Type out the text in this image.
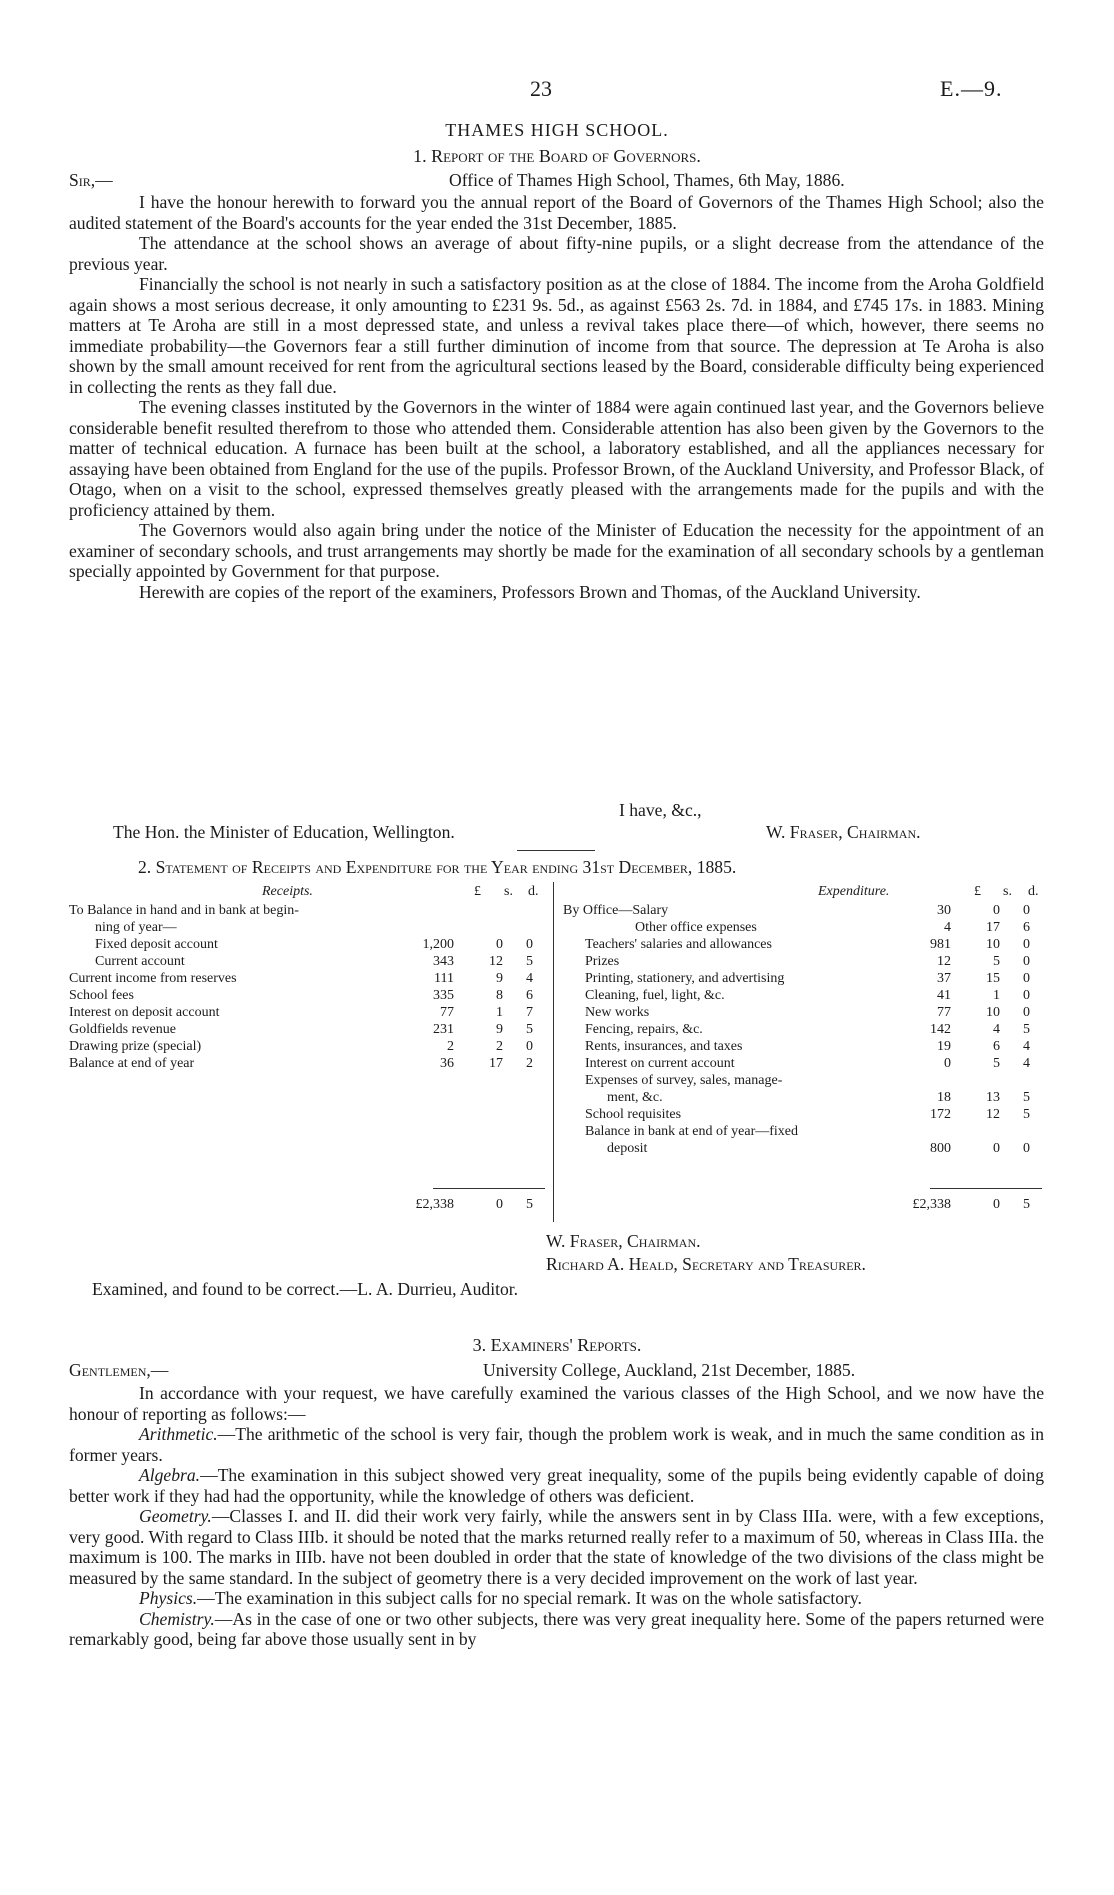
23	E.—9.
THAMES HIGH SCHOOL.
1. Report of the Board of Governors.
Sir,—	Office of Thames High School, Thames, 6th May, 1886.

I have the honour herewith to forward you the annual report of the Board of Governors of the Thames High School; also the audited statement of the Board's accounts for the year ended the 31st December, 1885.

The attendance at the school shows an average of about fifty-nine pupils, or a slight decrease from the attendance of the previous year.

Financially the school is not nearly in such a satisfactory position as at the close of 1884. The income from the Aroha Goldfield again shows a most serious decrease, it only amounting to £231 9s. 5d., as against £563 2s. 7d. in 1884, and £745 17s. in 1883. Mining matters at Te Aroha are still in a most depressed state, and unless a revival takes place there—of which, however, there seems no immediate probability—the Governors fear a still further diminution of income from that source. The depression at Te Aroha is also shown by the small amount received for rent from the agricultural sections leased by the Board, considerable difficulty being experienced in collecting the rents as they fall due.

The evening classes instituted by the Governors in the winter of 1884 were again continued last year, and the Governors believe considerable benefit resulted therefrom to those who attended them. Considerable attention has also been given by the Governors to the matter of technical education. A furnace has been built at the school, a laboratory established, and all the appliances necessary for assaying have been obtained from England for the use of the pupils. Professor Brown, of the Auckland University, and Professor Black, of Otago, when on a visit to the school, expressed themselves greatly pleased with the arrangements made for the pupils and with the proficiency attained by them.

The Governors would also again bring under the notice of the Minister of Education the necessity for the appointment of an examiner of secondary schools, and trust arrangements may shortly be made for the examination of all secondary schools by a gentleman specially appointed by Government for that purpose.

Herewith are copies of the report of the examiners, Professors Brown and Thomas, of the Auckland University.

I have, &c.,
The Hon. the Minister of Education, Wellington.	W. Fraser, Chairman.
2. Statement of Receipts and Expenditure for the Year ending 31st December, 1885.
Receipts.	£ s. d.	Expenditure.	£ s. d.
To Balance in hand and in bank at begin-
ning of year—
Fixed deposit account	1,200	0 0
Current account	343	12 5
Current income from reserves	111	9 4
School fees	335	8 6
Interest on deposit account	77	1 7
Goldfields revenue	231	9 5
Drawing prize (special)	2	2 0
Balance at end of year	36	17 2
By Office—Salary	30	0 0
Other office expenses	4	17 6
Teachers' salaries and allowances	981	10 0
Prizes	12	5 0
Printing, stationery, and advertising	37	15 0
Cleaning, fuel, light, &c.	41	1 0
New works	77	10 0
Fencing, repairs, &c.	142	4 5
Rents, insurances, and taxes	19	6 4
Interest on current account	0	5 4
Expenses of survey, sales, manage-
ment, &c.	18	13 5
School requisites	172	12 5
Balance in bank at end of year—fixed
deposit	800	0 0
£2,338	0 5	£2,338	0 5
W. Fraser, Chairman.
Richard A. Heald, Secretary and Treasurer.
Examined, and found to be correct.—L. A. Durrieu, Auditor.
3. Examiners' Reports.
Gentlemen,—	University College, Auckland, 21st December, 1885.

In accordance with your request, we have carefully examined the various classes of the High School, and we now have the honour of reporting as follows:—

Arithmetic.—The arithmetic of the school is very fair, though the problem work is weak, and in much the same condition as in former years.

Algebra.—The examination in this subject showed very great inequality, some of the pupils being evidently capable of doing better work if they had had the opportunity, while the knowledge of others was deficient.

Geometry.—Classes I. and II. did their work very fairly, while the answers sent in by Class IIIa. were, with a few exceptions, very good. With regard to Class IIIb. it should be noted that the marks returned really refer to a maximum of 50, whereas in Class IIIa. the maximum is 100. The marks in IIIb. have not been doubled in order that the state of knowledge of the two divisions of the class might be measured by the same standard. In the subject of geometry there is a very decided improvement on the work of last year.

Physics.—The examination in this subject calls for no special remark. It was on the whole satisfactory.

Chemistry.—As in the case of one or two other subjects, there was very great inequality here. Some of the papers returned were remarkably good, being far above those usually sent in by
